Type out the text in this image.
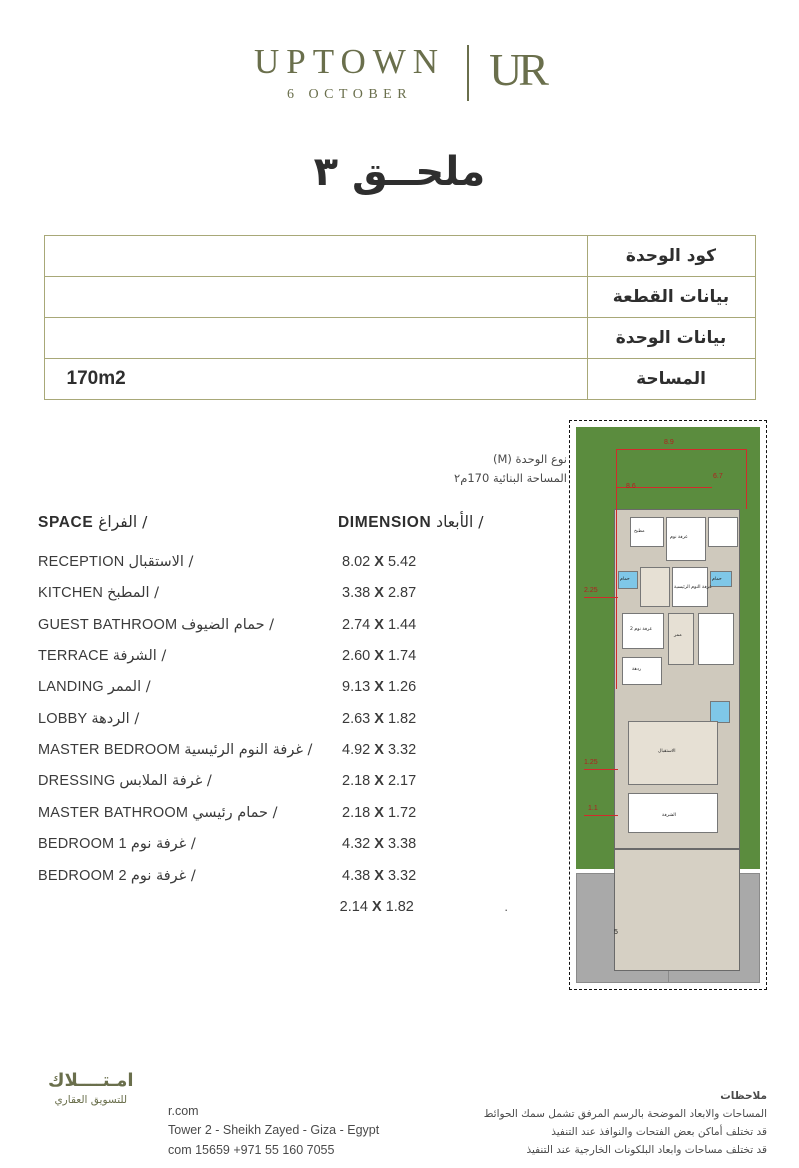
UPTOWN
6 OCTOBER	UR
ملحــق ٣
كود الوحدة	
بيانات القطعة	
بيانات الوحدة	
المساحة	170m2
نوع الوحدة (M)
المساحة البنائية 170م٢
SPACE / الفراغ	DIMENSION / الأبعاد
RECEPTION / الاستقبال	8.02 X 5.42
KITCHEN / المطبخ	3.38 X 2.87
GUEST BATHROOM / حمام الضيوف	2.74 X 1.44
TERRACE / الشرفة	2.60 X 1.74
LANDING / الممر	9.13 X 1.26
LOBBY / الردهة	2.63 X 1.82
MASTER BEDROOM / غرفة النوم الرئيسية	4.92 X 3.32
DRESSING / غرفة الملابس	2.18 X 2.17
MASTER BATHROOM / حمام رئيسي	2.18 X 1.72
BEDROOM 1 / غرفة نوم	4.32 X 3.38
BEDROOM 2 / غرفة نوم	4.38 X 3.32
2.14 X 1.82	.
8.9
6.7
8.6
2.25
1.25
1.1
5
مطبخ
غرفة نوم
غرفة النوم الرئيسية
حمام
غرفة نوم 2
ممر
حمام
ردهة
الاستقبال
الشرفة
امـتــــلاك
للتسويق العقاري
r.com
Tower 2 - Sheikh Zayed - Giza - Egypt
com 15659 +971 55 160 7055
ملاحظات
المساحات والابعاد الموضحة بالرسم المرفق تشمل سمك الحوائط
قد تختلف أماكن بعض الفتحات والنوافذ عند التنفيذ
قد تختلف مساحات وابعاد البلكونات الخارجية عند التنفيذ
